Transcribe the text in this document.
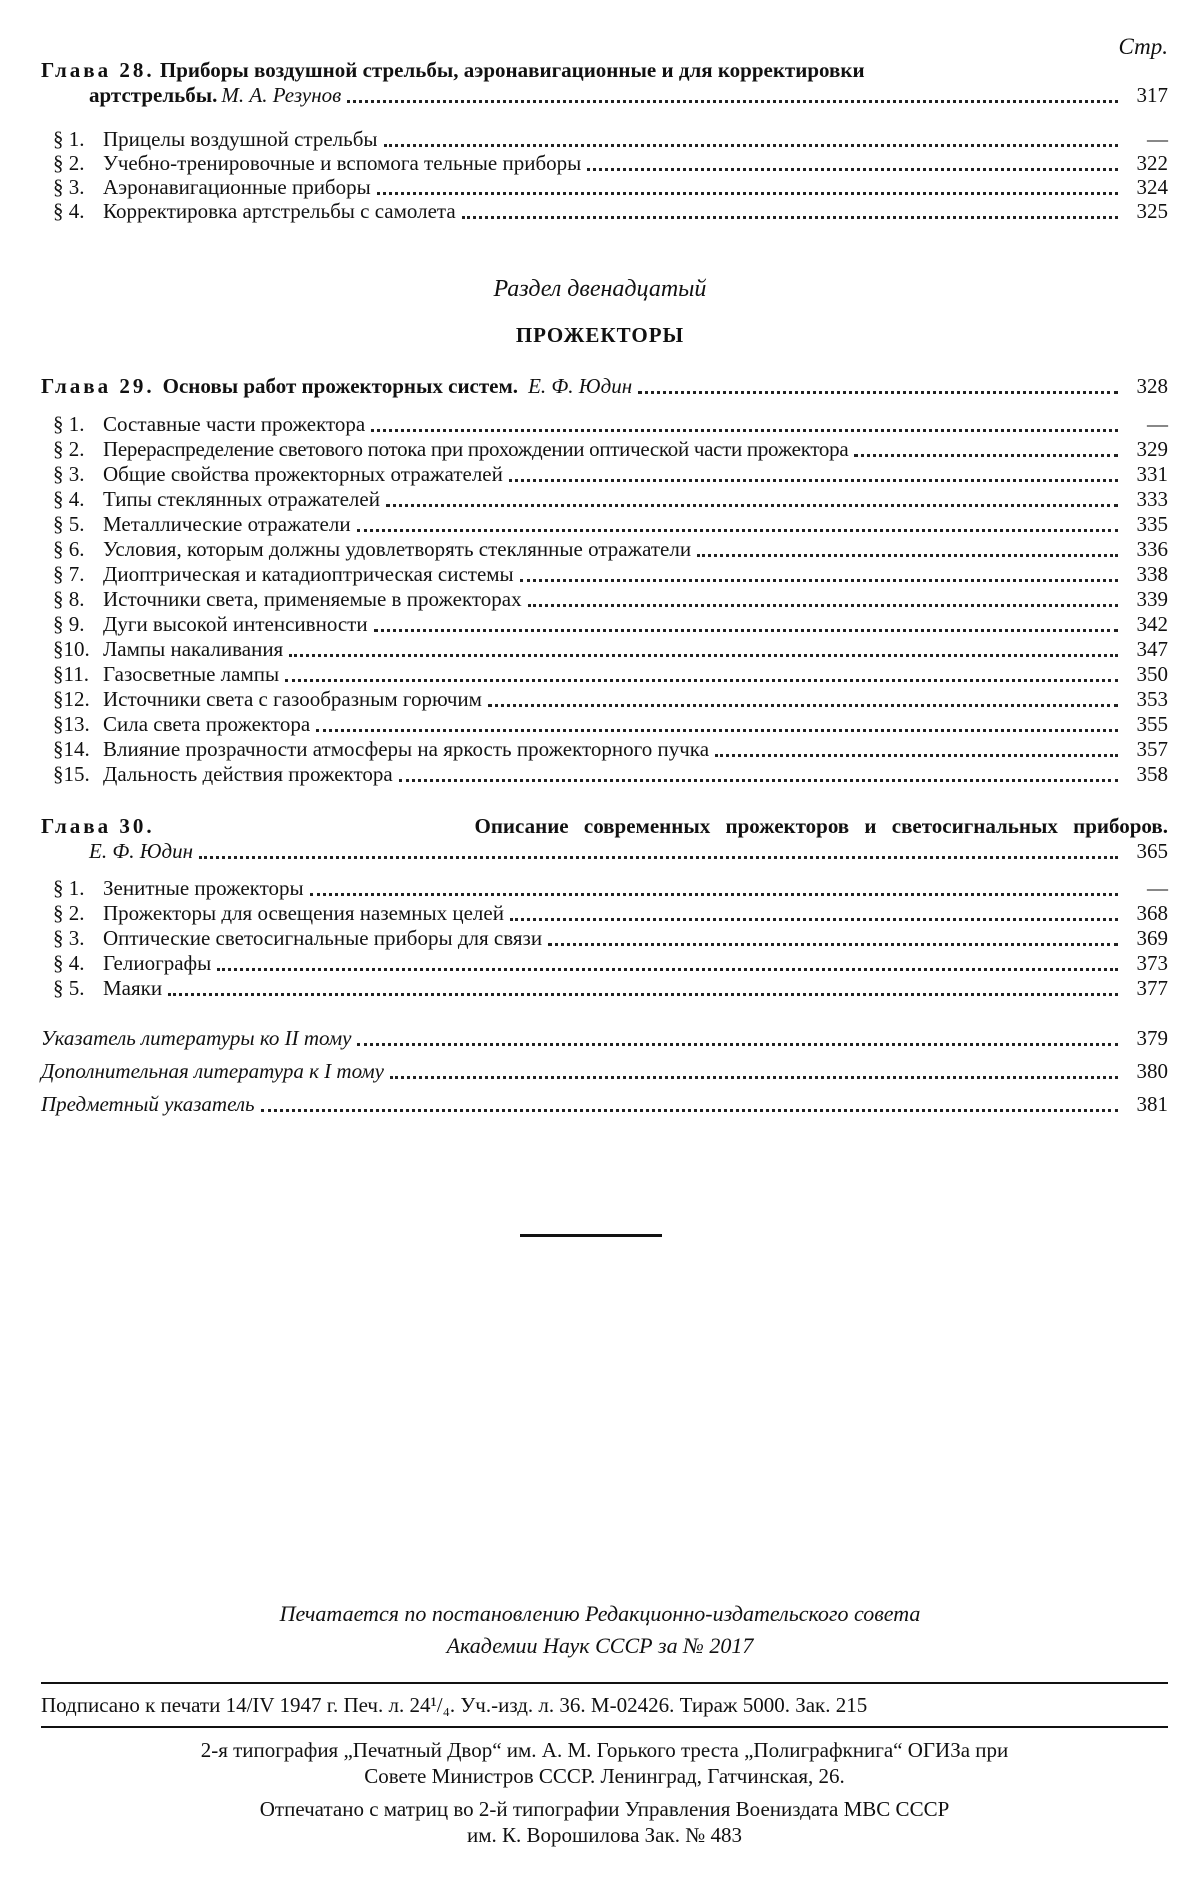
Стр.
Глава 28. Приборы воздушной стрельбы, аэронавигационные и для корректировки
артстрельбы. М. А. Резунов	317
§ 1. Прицелы воздушной стрельбы	—
§ 2. Учебно-тренировочные и вспомога тельные приборы	322
§ 3. Аэронавигационные приборы	324
§ 4. Корректировка артстрельбы с самолета	325
Раздел двенадцатый
ПРОЖЕКТОРЫ
Глава 29. Основы работ прожекторных систем. Е. Ф. Юдин	328
§ 1. Составные части прожектора	—
§ 2. Перераспределение светового потока при прохождении оптической части прожектора	329
§ 3. Общие свойства прожекторных отражателей	331
§ 4. Типы стеклянных отражателей	333
§ 5. Металлические отражатели	335
§ 6. Условия, которым должны удовлетворять стеклянные отражатели	336
§ 7. Диоптрическая и катадиоптрическая системы	338
§ 8. Источники света, применяемые в прожекторах	339
§ 9. Дуги высокой интенсивности	342
§10. Лампы накаливания	347
§11. Газосветные лампы	350
§12. Источники света с газообразным горючим	353
§13. Сила света прожектора	355
§14. Влияние прозрачности атмосферы на яркость прожекторного пучка	357
§15. Дальность действия прожектора	358
Глава 30.	Описание современных прожекторов и светосигнальных приборов.
Е. Ф. Юдин	365
§ 1. Зенитные прожекторы	—
§ 2. Прожекторы для освещения наземных целей	368
§ 3. Оптические светосигнальные приборы для связи	369
§ 4. Гелиографы	373
§ 5. Маяки	377
Указатель литературы ко II тому	379
Дополнительная литература к I тому	380
Предметный указатель	381
Печатается по постановлению Редакционно-издательского совета
Академии Наук СССР за № 2017
Подписано к печати 14/IV 1947 г. Печ. л. 24¹/₄. Уч.-изд. л. 36. М-02426. Тираж 5000. Зак. 215
2-я типография „Печатный Двор“ им. А. М. Горького треста „Полиграфкнига“ ОГИЗа при
Совете Министров СССР. Ленинград, Гатчинская, 26.
Отпечатано с матриц во 2-й типографии Управления Воениздата МВС СССР
им. К. Ворошилова Зак. № 483
